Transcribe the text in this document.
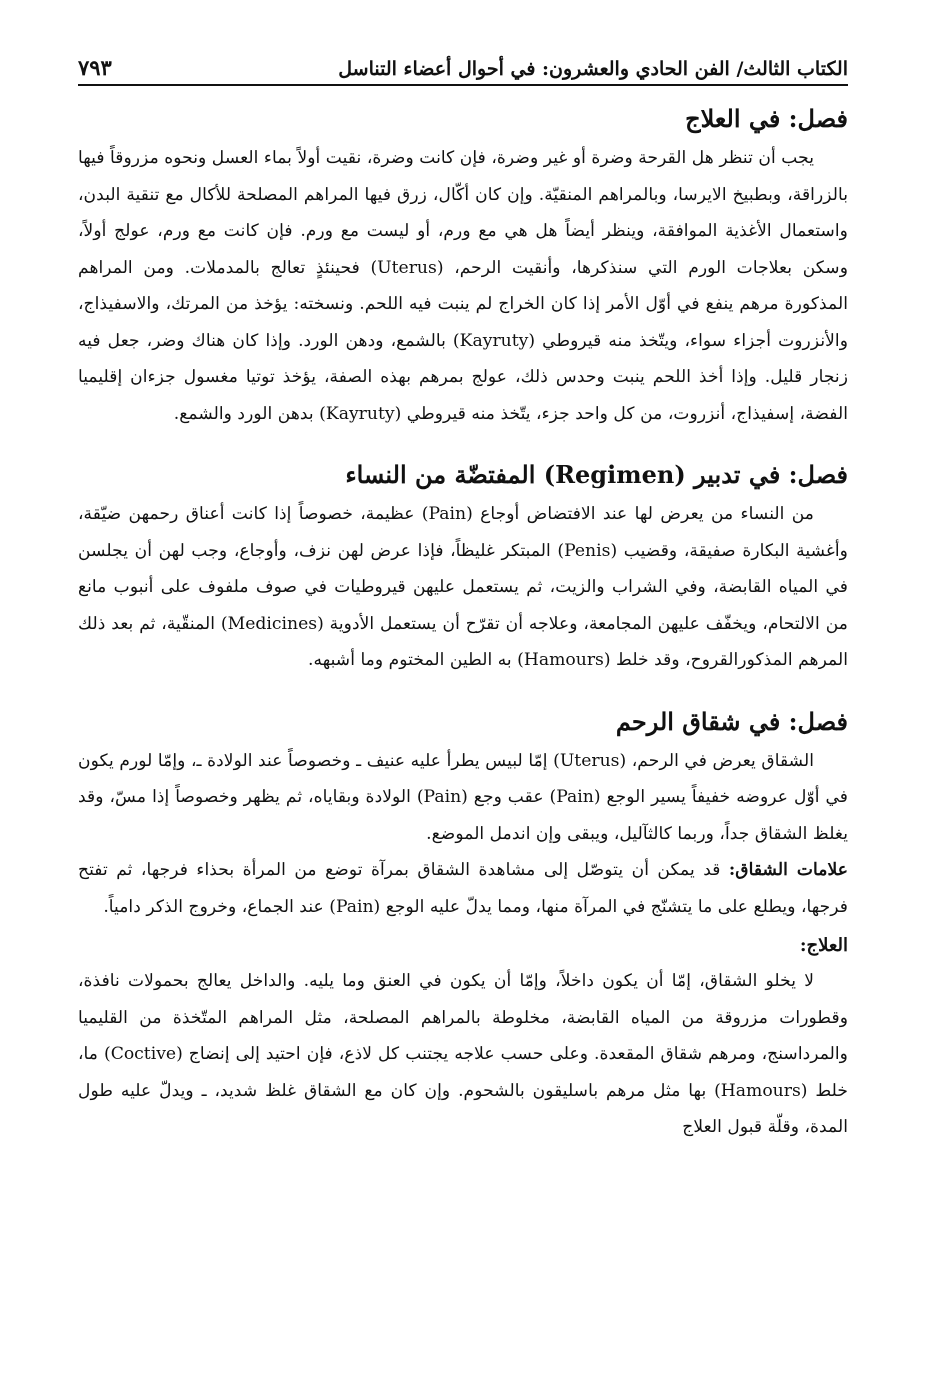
الكتاب الثالث/ الفن الحادي والعشرون: في أحوال أعضاء التناسل
٧٩٣
فصل: في العلاج

يجب أن تنظر هل القرحة وضرة أو غير وضرة، فإن كانت وضرة، نقيت أولاً بماء العسل ونحوه مزروقاً فيها بالزراقة، وبطبيخ الايرسا، وبالمراهم المنقيّة. وإن كان أكّال، زرق فيها المراهم المصلحة للأكال مع تنقية البدن، واستعمال الأغذية الموافقة، وينظر أيضاً هل هي مع ورم، أو ليست مع ورم. فإن كانت مع ورم، عولج أولاً، وسكن بعلاجات الورم التي سنذكرها، وأنقيت الرحم، (Uterus) فحينئذٍ تعالج بالمدملات. ومن المراهم المذكورة مرهم ينفع في أوّل الأمر إذا كان الخراج لم ينبت فيه اللحم. ونسخته: يؤخذ من المرتك، والاسفيذاج، والأنزروت أجزاء سواء، ويتّخذ منه قيروطي (Kayruty) بالشمع، ودهن الورد. وإذا كان هناك وضر، جعل فيه زنجار قليل. وإذا أخذ اللحم ينبت وحدس ذلك، عولج بمرهم بهذه الصفة، يؤخذ توتيا مغسول جزءان إقليميا الفضة، إسفيذاج، أنزروت، من كل واحد جزء، يتّخذ منه قيروطي (Kayruty) بدهن الورد والشمع.

فصل: في تدبير (Regimen) المفتضّة من النساء

من النساء من يعرض لها عند الافتضاض أوجاع (Pain) عظيمة، خصوصاً إذا كانت أعناق رحمهن ضيّقة، وأغشية البكارة صفيقة، وقضيب (Penis) المبتكر غليظاً، فإذا عرض لهن نزف، وأوجاع، وجب لهن أن يجلسن في المياه القابضة، وفي الشراب والزيت، ثم يستعمل عليهن قيروطيات في صوف ملفوف على أنبوب مانع من الالتحام، ويخفّف عليهن المجامعة، وعلاجه أن تقرّح أن يستعمل الأدوية (Medicines) المنقّية، ثم بعد ذلك المرهم المذكورالقروح، وقد خلط (Hamours) به الطين المختوم وما أشبهه.

فصل: في شقاق الرحم

الشقاق يعرض في الرحم، (Uterus) إمّا لبيس يطرأ عليه عنيف ـ وخصوصاً عند الولادة ـ، وإمّا لورم يكون في أوّل عروضه خفيفاً يسير الوجع (Pain) عقب وجع (Pain) الولادة وبقاياه، ثم يظهر وخصوصاً إذا مسّ، وقد يغلظ الشقاق جداً، وربما كالثآليل، ويبقى وإن اندمل الموضع.

علامات الشقاق: قد يمكن أن يتوصّل إلى مشاهدة الشقاق بمرآة توضع من المرأة بحذاء فرجها، ثم تفتح فرجها، ويطلع على ما يتشنّج في المرآة منها، ومما يدلّ عليه الوجع (Pain) عند الجماع، وخروج الذكر دامياً.

العلاج:

لا يخلو الشقاق، إمّا أن يكون داخلاً، وإمّا أن يكون في العنق وما يليه. والداخل يعالج بحمولات نافذة، وقطورات مزروقة من المياه القابضة، مخلوطة بالمراهم المصلحة، مثل المراهم المتّخذة من القليميا والمرداسنج، ومرهم شقاق المقعدة. وعلى حسب علاجه يجتنب كل لاذع، فإن احتيد إلى إنضاج (Coctive) ما، خلط (Hamours) بها مثل مرهم باسليقون بالشحوم. وإن كان مع الشقاق غلظ شديد، ـ ويدلّ عليه طول المدة، وقلّة قبول العلاج
